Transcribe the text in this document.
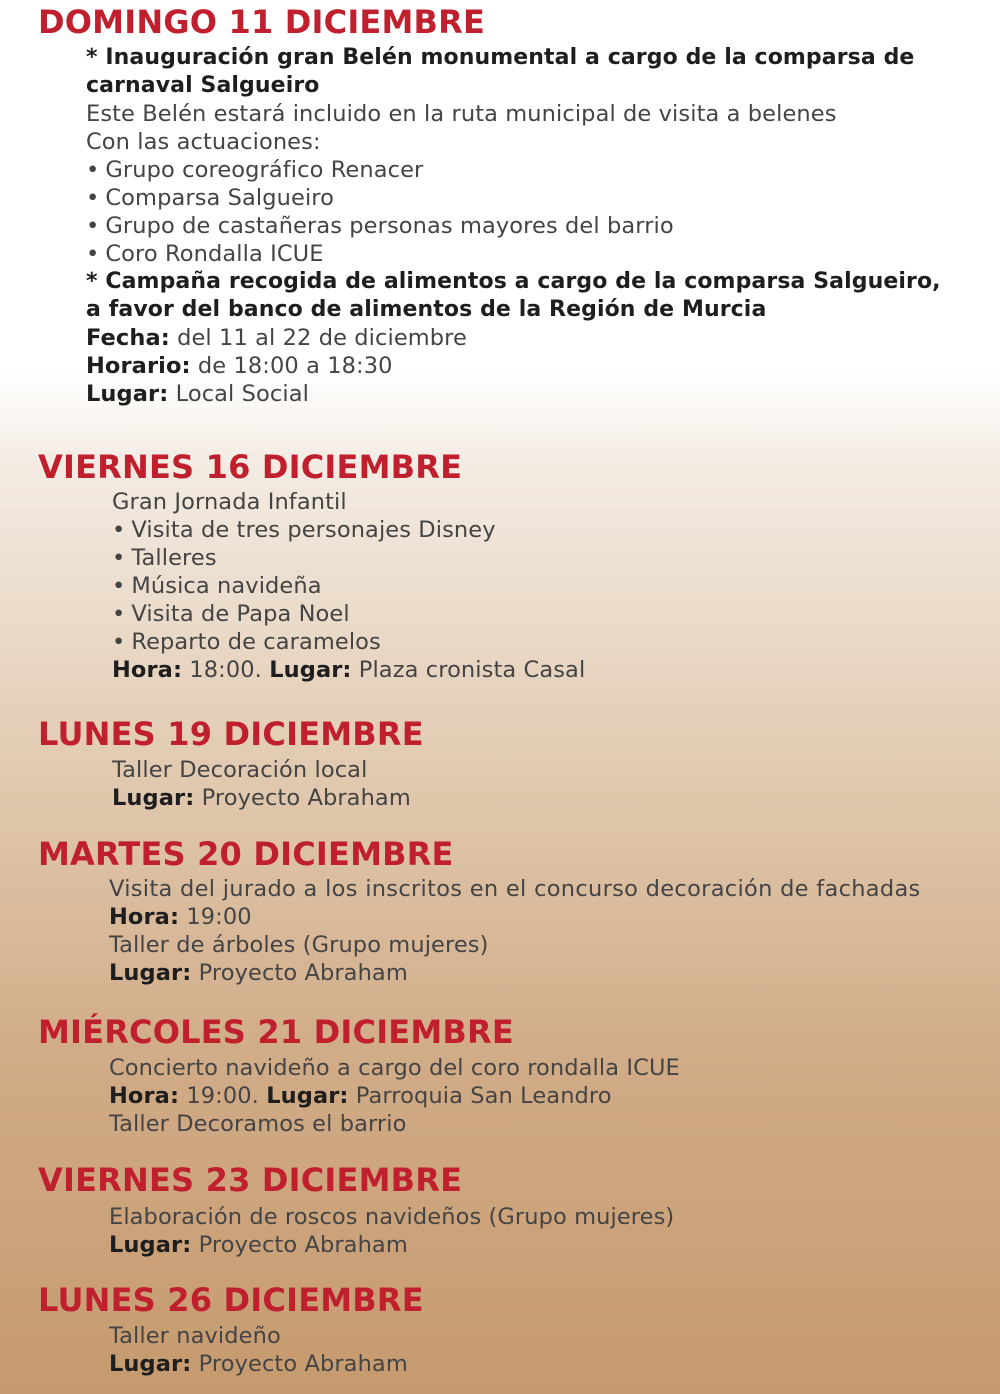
DOMINGO 11 DICIEMBRE
* Inauguración gran Belén monumental a cargo de la comparsa de
carnaval Salgueiro
Este Belén estará incluido en la ruta municipal de visita a belenes
Con las actuaciones:
• Grupo coreográfico Renacer
• Comparsa Salgueiro
• Grupo de castañeras personas mayores del barrio
• Coro Rondalla ICUE
* Campaña recogida de alimentos a cargo de la comparsa Salgueiro,
a favor del banco de alimentos de la Región de Murcia
Fecha: del 11 al 22 de diciembre
Horario: de 18:00 a 18:30
Lugar: Local Social
VIERNES 16 DICIEMBRE
Gran Jornada Infantil
• Visita de tres personajes Disney
• Talleres
• Música navideña
• Visita de Papa Noel
• Reparto de caramelos
Hora: 18:00. Lugar: Plaza cronista Casal
LUNES 19 DICIEMBRE
Taller Decoración local
Lugar: Proyecto Abraham
MARTES 20 DICIEMBRE
Visita del jurado a los inscritos en el concurso decoración de fachadas
Hora: 19:00
Taller de árboles (Grupo mujeres)
Lugar: Proyecto Abraham
MIÉRCOLES 21 DICIEMBRE
Concierto navideño a cargo del coro rondalla ICUE
Hora: 19:00. Lugar: Parroquia San Leandro
Taller Decoramos el barrio
VIERNES 23 DICIEMBRE
Elaboración de roscos navideños (Grupo mujeres)
Lugar: Proyecto Abraham
LUNES 26 DICIEMBRE
Taller navideño
Lugar: Proyecto Abraham
